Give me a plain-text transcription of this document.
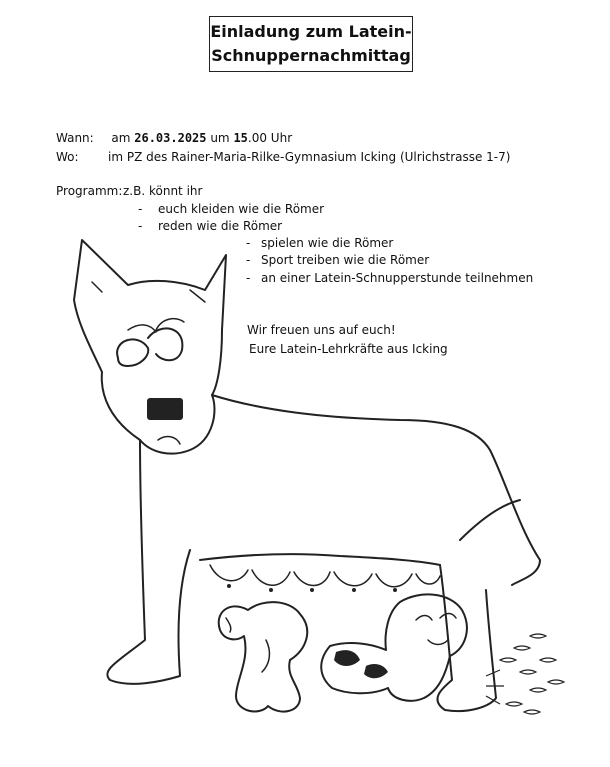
Einladung zum Latein-
Schnuppernachmittag
Wann: am 26.03.2025 um 15.00 Uhr
Wo: im PZ des Rainer-Maria-Rilke-Gymnasium Icking (Ulrichstrasse 1-7)
Programm: z.B. könnt ihr
- euch kleiden wie die Römer
- reden wie die Römer
- spielen wie die Römer
- Sport treiben wie die Römer
- an einer Latein-Schnupperstunde teilnehmen
Wir freuen uns auf euch!
Eure Latein-Lehrkräfte aus Icking
